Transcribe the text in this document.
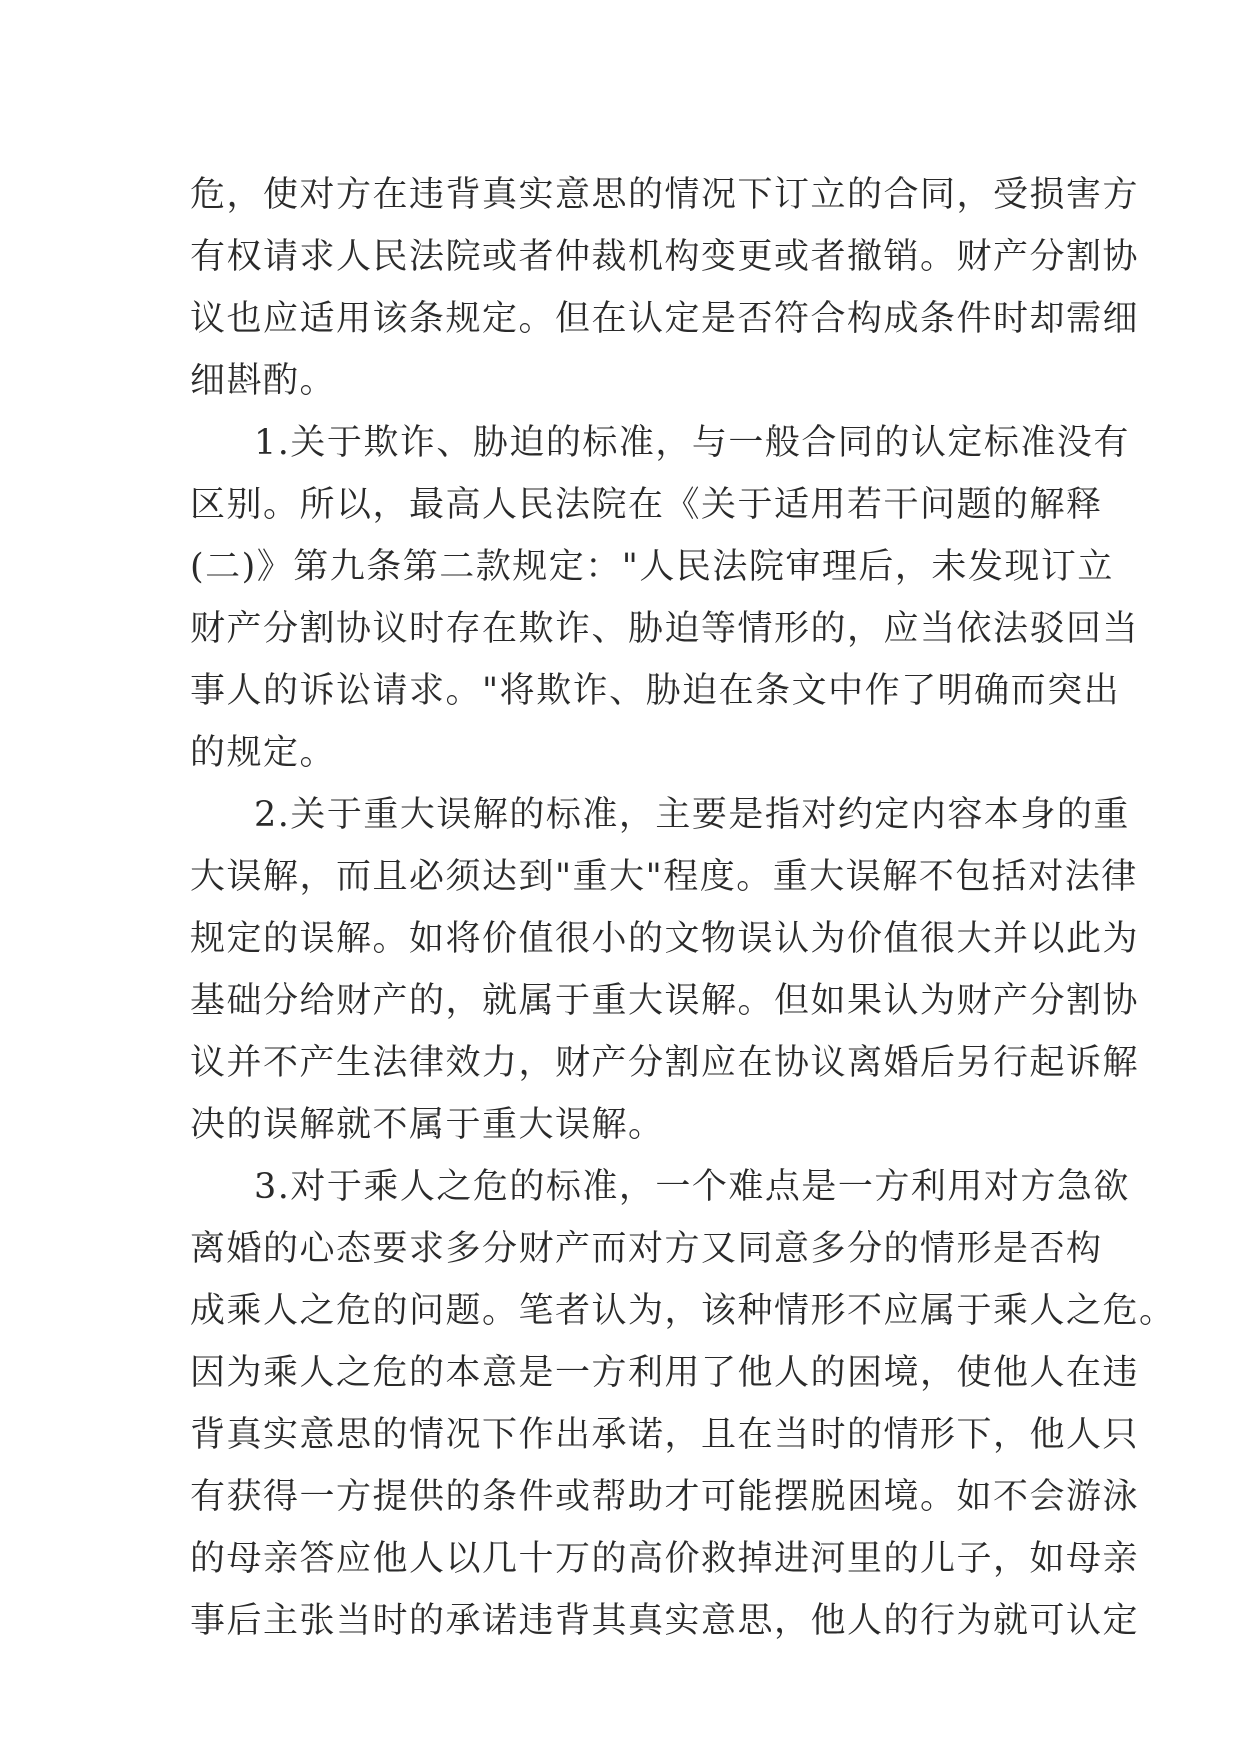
危，使对方在违背真实意思的情况下订立的合同，受损害方
有权请求人民法院或者仲裁机构变更或者撤销。财产分割协
议也应适用该条规定。但在认定是否符合构成条件时却需细
细斟酌。
1.关于欺诈、胁迫的标准，与一般合同的认定标准没有
区别。所以，最高人民法院在《关于适用若干问题的解释
(二)》第九条第二款规定："人民法院审理后，未发现订立
财产分割协议时存在欺诈、胁迫等情形的，应当依法驳回当
事人的诉讼请求。"将欺诈、胁迫在条文中作了明确而突出
的规定。
2.关于重大误解的标准，主要是指对约定内容本身的重
大误解，而且必须达到"重大"程度。重大误解不包括对法律
规定的误解。如将价值很小的文物误认为价值很大并以此为
基础分给财产的，就属于重大误解。但如果认为财产分割协
议并不产生法律效力，财产分割应在协议离婚后另行起诉解
决的误解就不属于重大误解。
3.对于乘人之危的标准，一个难点是一方利用对方急欲
离婚的心态要求多分财产而对方又同意多分的情形是否构
成乘人之危的问题。笔者认为，该种情形不应属于乘人之危。
因为乘人之危的本意是一方利用了他人的困境，使他人在违
背真实意思的情况下作出承诺，且在当时的情形下，他人只
有获得一方提供的条件或帮助才可能摆脱困境。如不会游泳
的母亲答应他人以几十万的高价救掉进河里的儿子，如母亲
事后主张当时的承诺违背其真实意思，他人的行为就可认定
